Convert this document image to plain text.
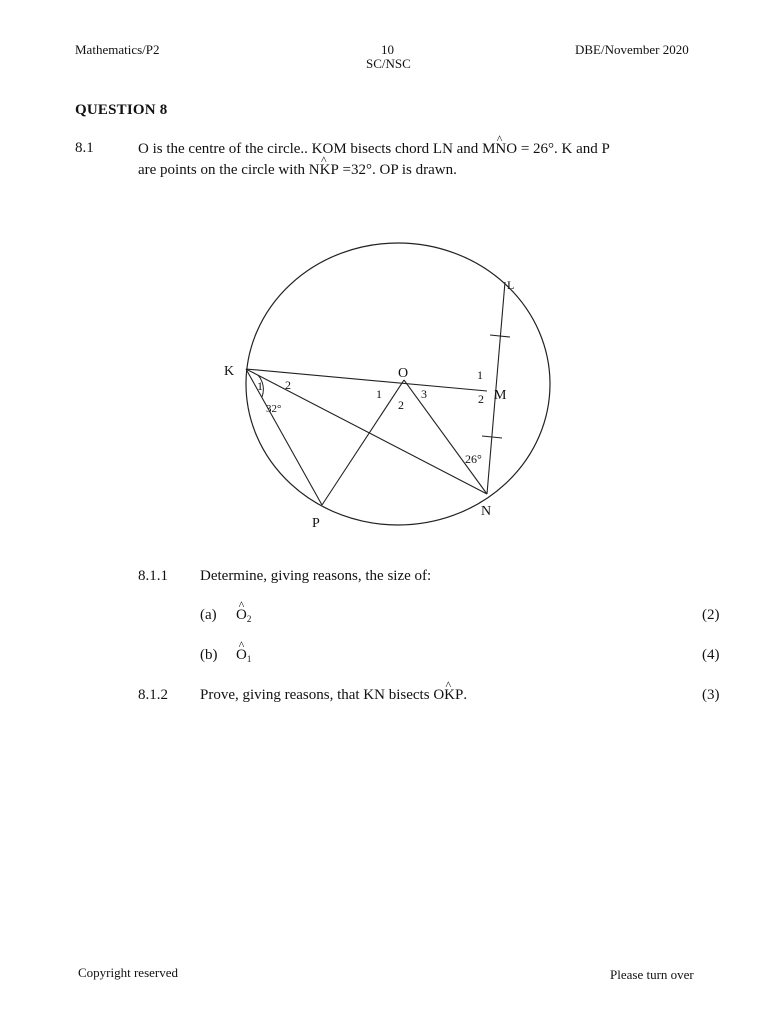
Mathematics/P2	10
SC/NSC
DBE/November 2020
QUESTION 8
8.1	O is the centre of the circle.. KOM bisects chord LN and MNO ^ = 26°. K and P
are points on the circle with NKP ^ =32°. OP is drawn.
K	O
M
N
P
L
1 2
32°
1
2
3
1
2
26°
8.1.1 Determine, giving reasons, the size of:
(a) O $\^{}_2$	(2)
(b) O $\^{}_1$	(4)
8.1.2 Prove, giving reasons, that KN bisects OKP ^.	(3)
Copyright reserved	Please turn over
